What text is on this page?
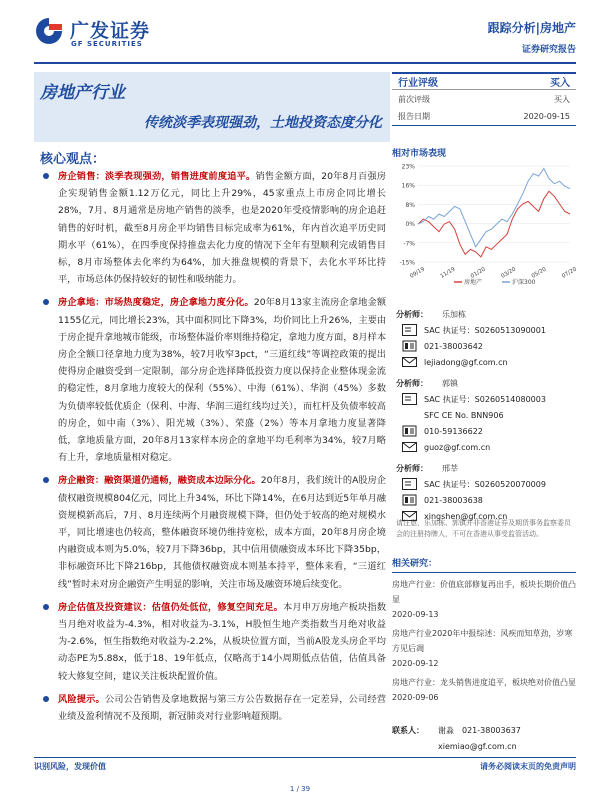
广发证券
GF SECURITIES
跟踪分析|房地产
证券研究报告
房地产行业
传统淡季表现强劲，土地投资态度分化
行业评级	买入
前次评级	买入
报告日期	2020-09-15
相对市场表现
23%
16%
8%
0%
-7%
-15%
09/19 11/19 01/20 03/20 05/20 07/20
房地产	沪深300
核心观点：
房企销售：淡季表现强劲，销售进度前度追平。销售金额方面，20年8月百强房企实现销售金额1.12万亿元，同比上升29%，45家重点上市房企同比增长28%，7月、8月通常是房地产销售的淡季，也是2020年受疫情影响的房企追赶销售的好时机，截至8月房企平均销售目标完成率为61%，年内首次追平历史同期水平（61%），在四季度保持推盘去化力度的情况下全年有望顺利完成销售目标，8月市场整体去化率约为64%，加大推盘规模的背景下，去化水平环比持平，市场总体仍保持较好的韧性和吸纳能力。
房企拿地：市场热度稳定，房企拿地力度分化。20年8月13家主流房企拿地金额1155亿元，同比增长23%，其中面积同比下降3%，均价同比上升26%，主要由于房企提升拿地城市能级，市场整体溢价率则维持稳定，拿地力度方面，8月样本房企全额口径拿地力度为38%，较7月收窄3pct，“三道红线”等调控政策的提出使得房企融资受到一定限制，部分房企选择降低投资力度以保持企业整体现金流的稳定性，8月拿地力度较大的保利（55%）、中海（61%）、华润（45%）多数为负债率较低优质企（保利、中海、华润三道红线均过关），而杠杆及负债率较高的房企，如中南（3%）、阳光城（3%）、荣盛（2%）等本月拿地力度显著降低，拿地质量方面，20年8月13家样本房企的拿地平均毛利率为34%，较7月略有上升，拿地质量相对稳定。
房企融资：融资渠道仍通畅，融资成本边际分化。20年8月，我们统计的A股房企债权融资规模804亿元，同比上升34%，环比下降14%，在6月达到近5年单月融资规模新高后，7月、8月连续两个月融资规模下降，但仍处于较高的绝对规模水平，同比增速也仍较高，整体融资环境仍维持宽松，成本方面，20年8月房企境内融资成本则为5.0%，较7月下降36bp，其中信用债融资成本环比下降35bp，非标融资环比下降216bp，其他债权融资成本则基本持平，整体来看，“三道红线”暂时未对房企融资产生明显的影响，关注市场及融资环境后续变化。
房企估值及投资建议：估值仍处低位，修复空间充足。本月申万房地产板块指数当月绝对收益为-4.3%，相对收益为-3.1%，H股恒生地产类指数当月绝对收益为-2.6%，恒生指数绝对收益为-2.2%，从板块位置方面，当前A股龙头房企平均动态PE为5.88x，低于18、19年低点，仅略高于14小周期低点估值，估值具备较大修复空间，建议关注板块配置价值。
风险提示。公司公告销售及拿地数据与第三方公告数据存在一定差异，公司经营业绩及盈利情况不及预期，新冠肺炎对行业影响超预期。
分析师： 乐加栋
SAC 执证号：S0260513090001
021-38003642
lejiadong@gf.com.cn
分析师： 郭镇
SAC 执证号：S0260514080003
SFC CE No. BNN906
010-59136622
guoz@gf.com.cn
分析师： 邢莘
SAC 执证号：S0260520070009
021-38003638
xingshen@gf.com.cn
请注意，乐加栋、郭镇并非香港证券及期货事务监察委员会的注册持牌人，不可在香港从事受监管活动。
相关研究：
房地产行业：价值底部修复再出手，板块长期价值凸显
2020-09-13
房地产行业2020年中报综述：风疾而知草劲，岁寒方见后凋
2020-09-12
房地产行业：龙头销售进度追平，板块绝对价值凸显
2020-09-06
联系人： 谢淼 021-38003637
xiemiao@gf.com.cn
识别风险，发现价值	请务必阅读末页的免责声明
1 / 39
